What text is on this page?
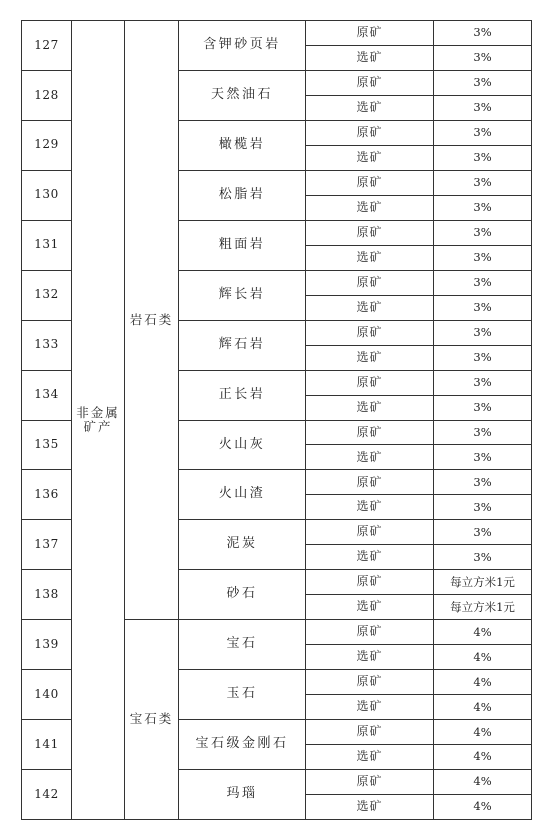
127	非金属矿产	岩石类	含钾砂页岩	原矿	3%
				选矿	3%
128			天然油石	原矿	3%
				选矿	3%
129			橄榄岩	原矿	3%
				选矿	3%
130			松脂岩	原矿	3%
				选矿	3%
131			粗面岩	原矿	3%
				选矿	3%
132			辉长岩	原矿	3%
				选矿	3%
133			辉石岩	原矿	3%
				选矿	3%
134			正长岩	原矿	3%
				选矿	3%
135			火山灰	原矿	3%
				选矿	3%
136			火山渣	原矿	3%
				选矿	3%
137			泥炭	原矿	3%
				选矿	3%
138			砂石	原矿	每立方米1元
				选矿	每立方米1元
139		宝石类	宝石	原矿	4%
				选矿	4%
140			玉石	原矿	4%
				选矿	4%
141			宝石级金刚石	原矿	4%
				选矿	4%
142			玛瑙	原矿	4%
				选矿	4%
